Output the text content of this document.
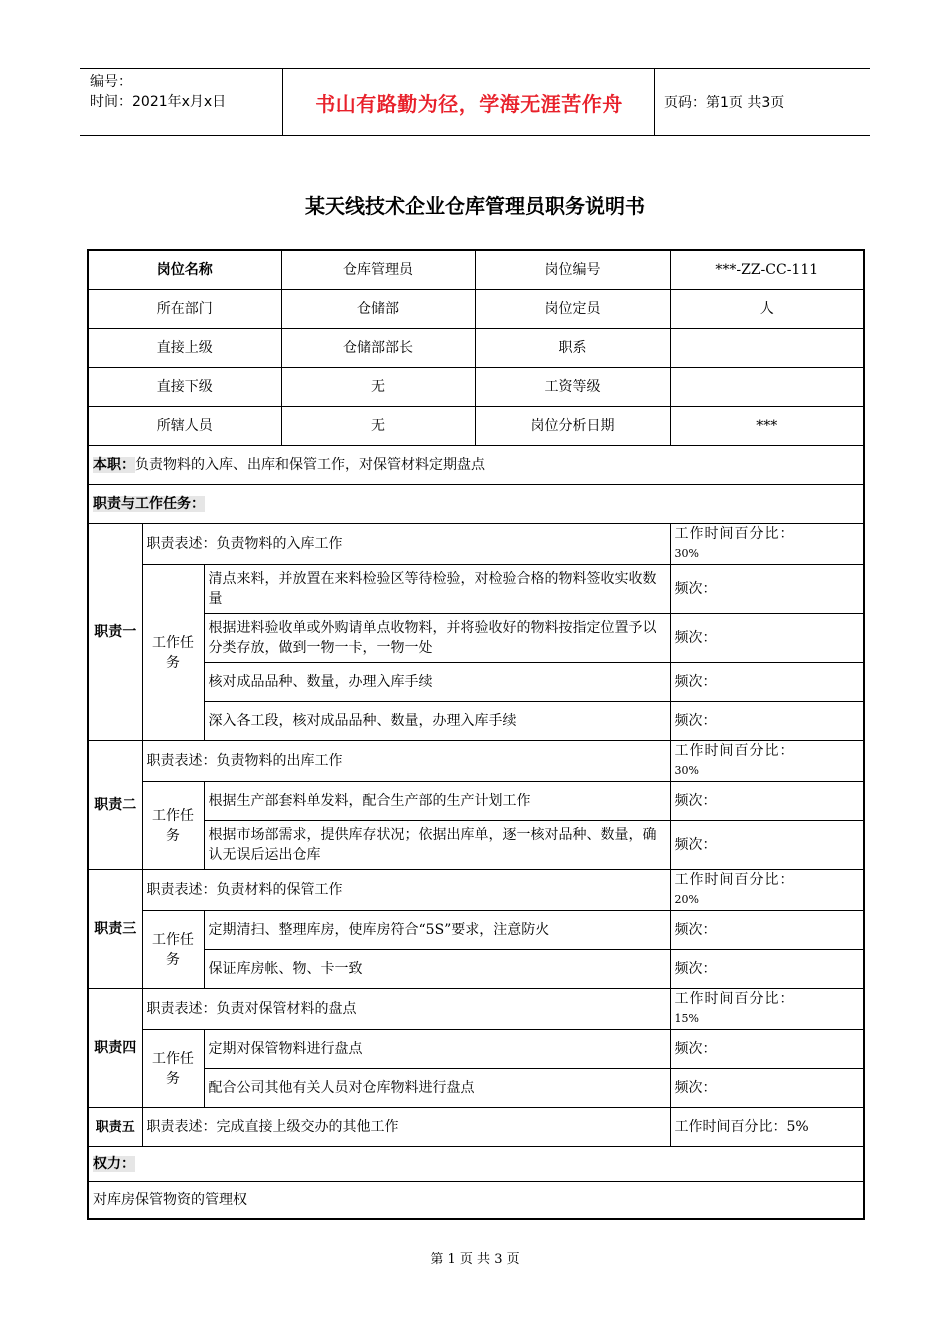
编号：
时间：2021年x月x日	书山有路勤为径，学海无涯苦作舟	页码：第1页 共3页
某天线技术企业仓库管理员职务说明书
岗位名称			仓库管理员	岗位编号	***-ZZ-CC-111
所在部门			仓储部	岗位定员	人
直接上级			仓储部部长	职系	
直接下级			无	工资等级	
所辖人员			无	岗位分析日期	***
本职：负责物料的入库、出库和保管工作，对保管材料定期盘点					
职责与工作任务：					
职责一	职责表述：负责物料的入库工作				工作时间百分比：
30%

	工作任务	清点来料，并放置在来料检验区等待检验，对检验合格的物料签收实收数量			频次：
		根据进料验收单或外购请单点收物料，并将验收好的物料按指定位置予以分类存放，做到一物一卡，一物一处			频次：
		核对成品品种、数量，办理入库手续			频次：
		深入各工段，核对成品品种、数量，办理入库手续			频次：
职责二	职责表述：负责物料的出库工作				工作时间百分比：
30%

	工作任务	根据生产部套料单发料，配合生产部的生产计划工作			频次：
		根据市场部需求，提供库存状况；依据出库单，逐一核对品种、数量，确认无误后运出仓库			频次：
职责三	职责表述：负责材料的保管工作				工作时间百分比：
20%

	工作任务	定期清扫、整理库房，使库房符合“5S”要求，注意防火			频次：
		保证库房帐、物、卡一致			频次：
职责四	职责表述：负责对保管材料的盘点				工作时间百分比：
15%

	工作任务	定期对保管物料进行盘点			频次：
		配合公司其他有关人员对仓库物料进行盘点			频次：
职责五	职责表述：完成直接上级交办的其他工作				工作时间百分比：5%
权力：					
对库房保管物资的管理权					
第 1 页 共 3 页
